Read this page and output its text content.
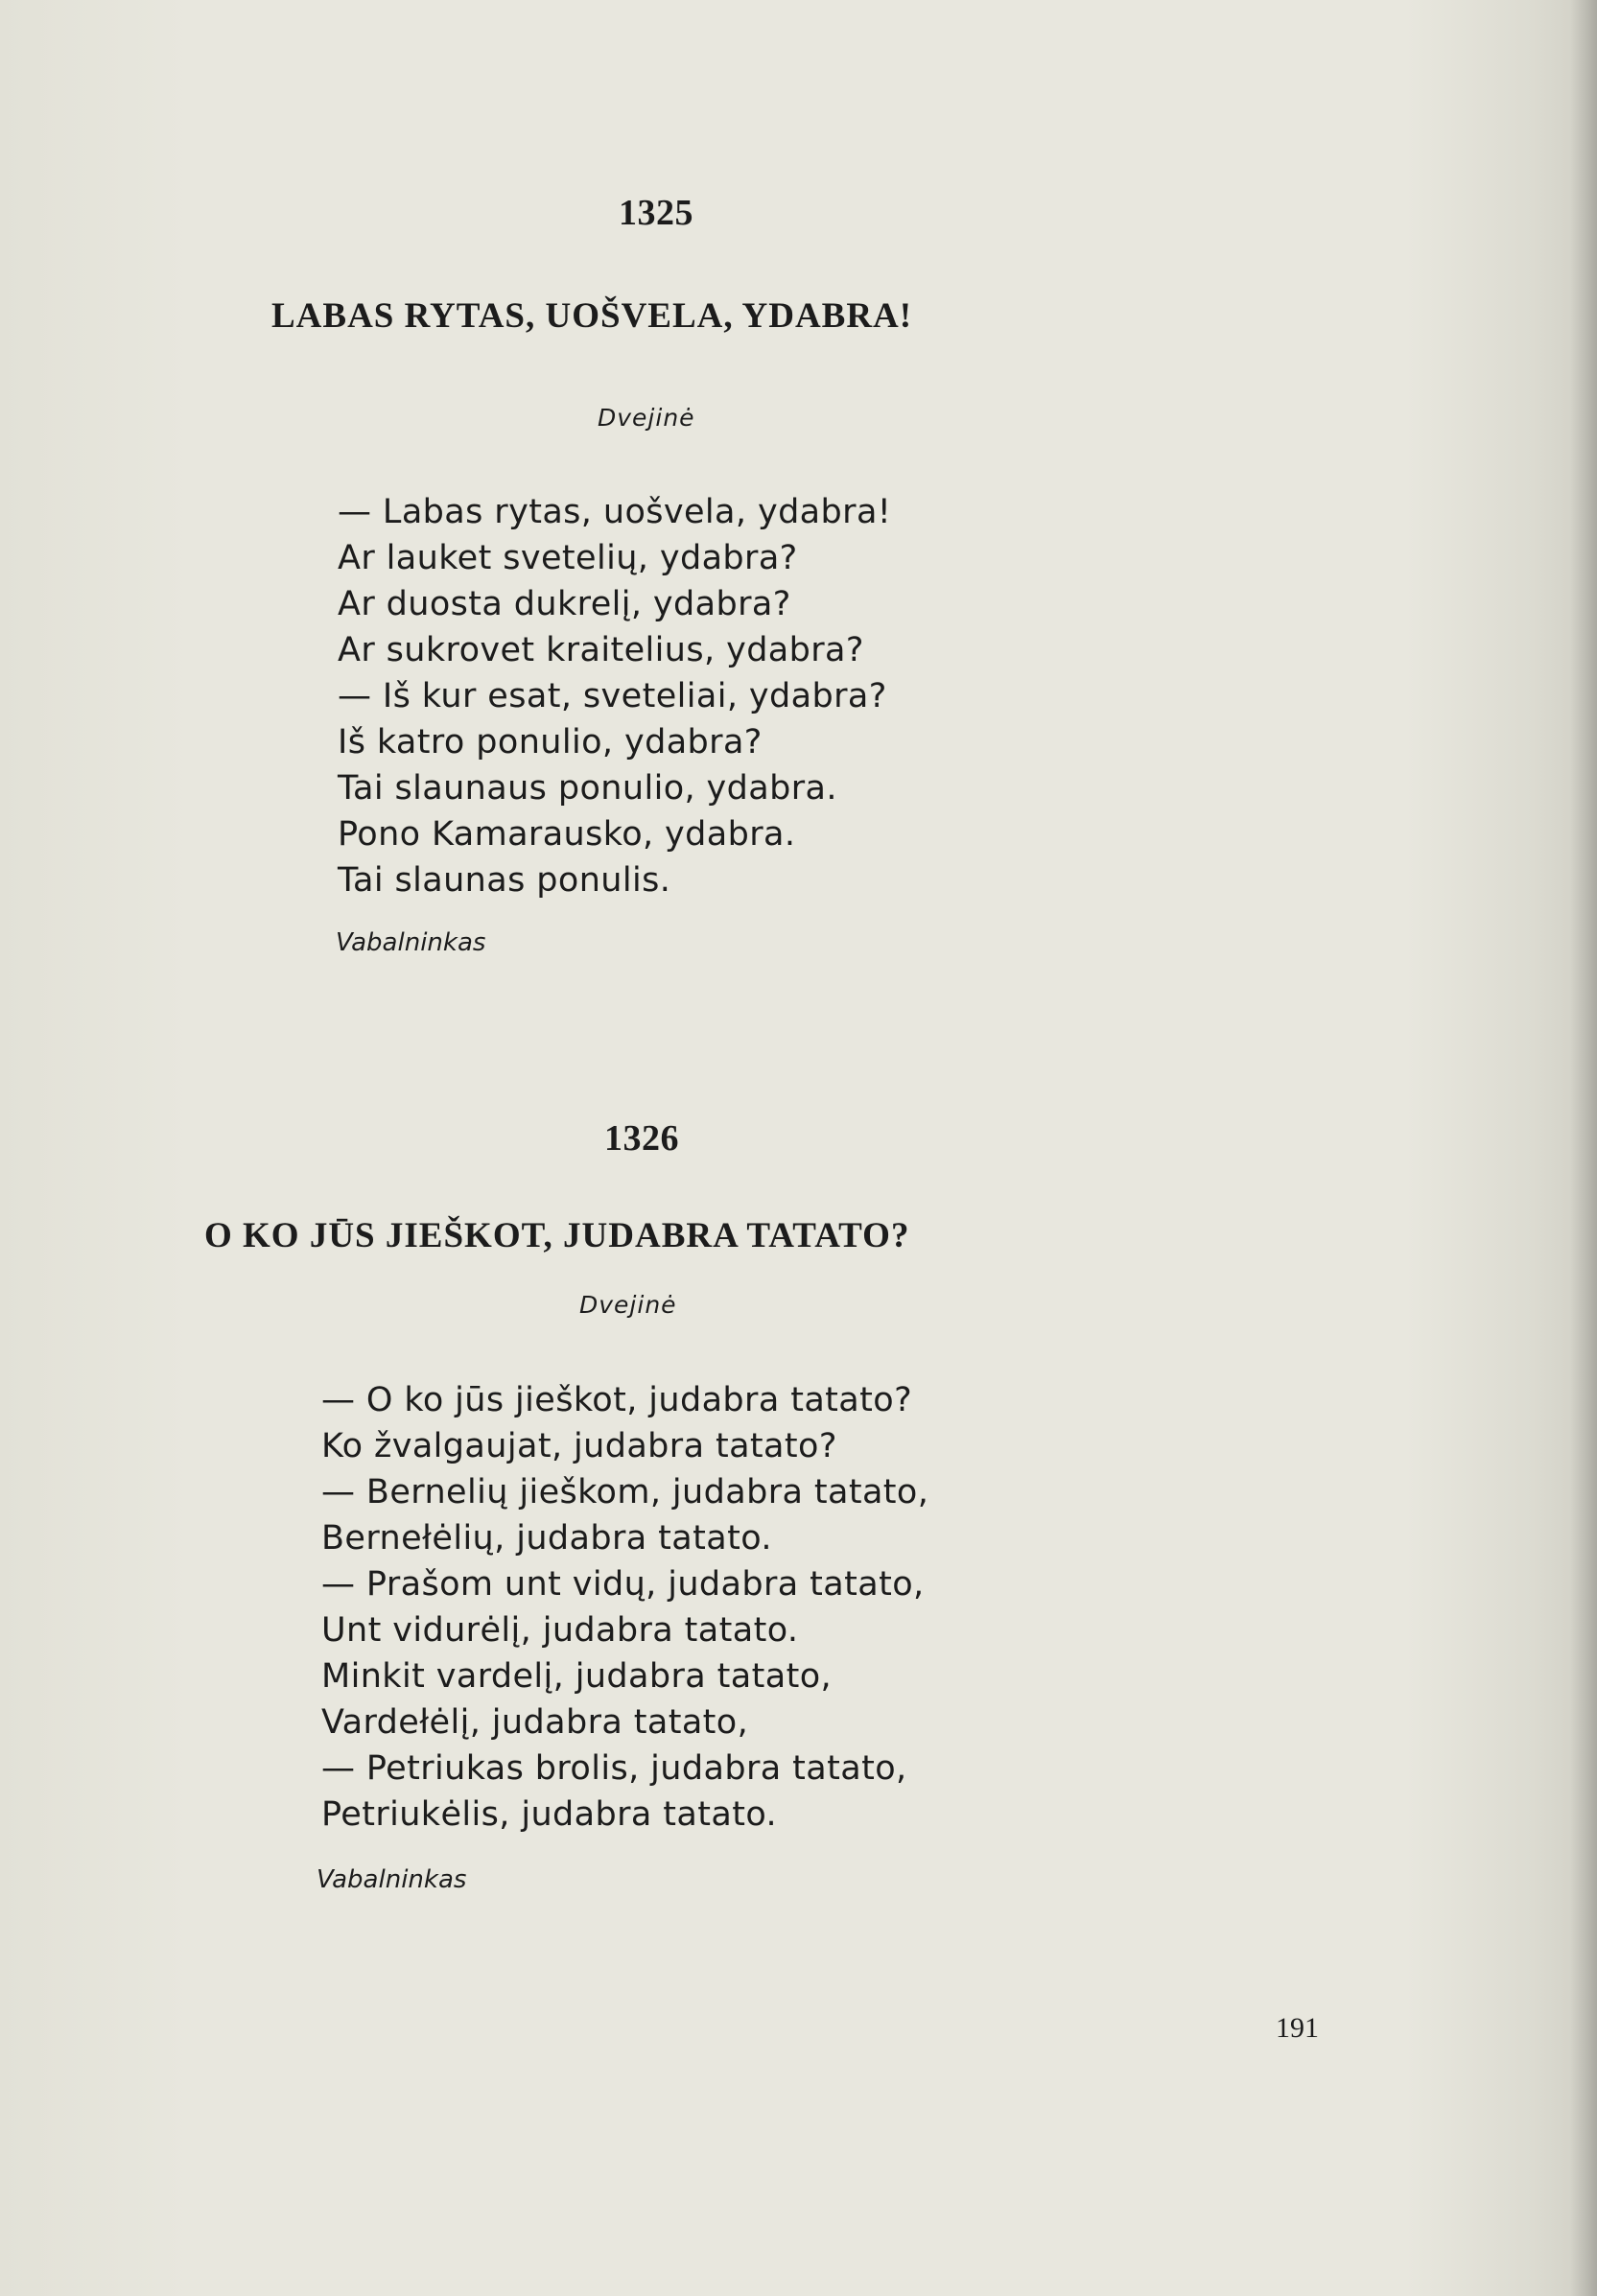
1325
LABAS RYTAS, UOŠVELA, YDABRA!
Dvejinė
— Labas rytas, uošvela, ydabra!
Ar lauket svetelių, ydabra?
Ar duosta dukrelį, ydabra?
Ar sukrovet kraitelius, ydabra?
— Iš kur esat, sveteliai, ydabra?
Iš katro ponulio, ydabra?
Tai slaunaus ponulio, ydabra.
Pono Kamarausko, ydabra.
Tai slaunas ponulis.
Vabalninkas
1326
O KO JŪS JIEŠKOT, JUDABRA TATATO?
Dvejinė
— O ko jūs jieškot, judabra tatato?
Ko žvalgaujat, judabra tatato?
— Bernelių jieškom, judabra tatato,
Bernełėlių, judabra tatato.
— Prašom unt vidų, judabra tatato,
Unt vidurėlį, judabra tatato.
Minkit vardelį, judabra tatato,
Vardełėlį, judabra tatato,
— Petriukas brolis, judabra tatato,
Petriukėlis, judabra tatato.
Vabalninkas
191
